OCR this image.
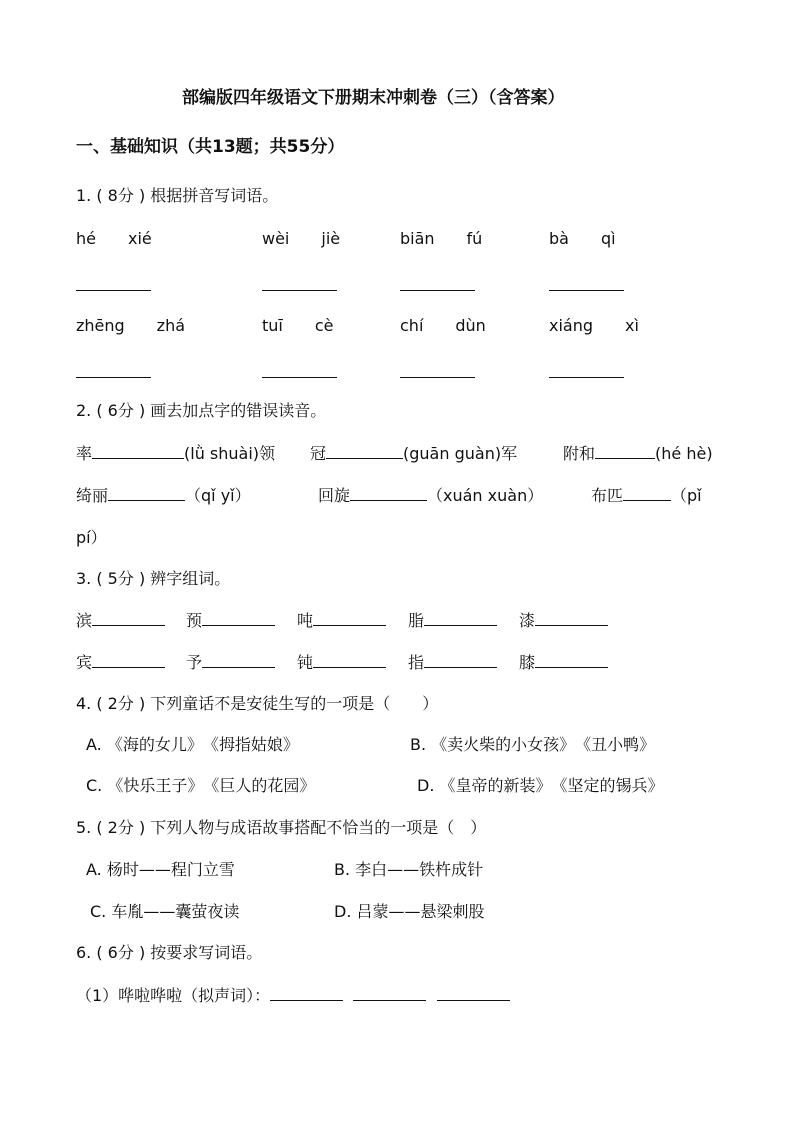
部编版四年级语文下册期末冲刺卷（三）（含答案）
一、基础知识（共13题；共55分）
1. ( 8分 ) 根据拼音写词语。
hé　　xié	wèi　　jiè	biān　　fú	bà　　qì
zhēng　　zhá	tuī　　cè	chí　　dùn	xiáng　　xì
2. ( 6分 ) 画去加点字的错误读音。
率	(lǜ shuài)领 冠	(guān guàn)军	附和	(hé hè)
绮丽	（qǐ yǐ）	回旋	（xuán xuàn）	布匹	（pǐ
pí）
3. ( 5分 ) 辨字组词。
滨	预	吨	脂	漆
宾	予	钝	指	膝
4. ( 2分 ) 下列童话不是安徒生写的一项是（　　）
A. 《海的女儿》　《拇指姑娘》	B. 《卖火柴的小女孩》　《丑小鸭》
C. 《快乐王子》　《巨人的花园》	D. 《皇帝的新装》　《坚定的锡兵》
5. ( 2分 ) 下列人物与成语故事搭配不恰当的一项是（　）
A. 杨时——程门立雪	B. 李白——铁杵成针
C. 车胤——囊萤夜读	D. 吕蒙——悬梁刺股
6. ( 6分 ) 按要求写词语。
（1）哗啦哗啦（拟声词）：
